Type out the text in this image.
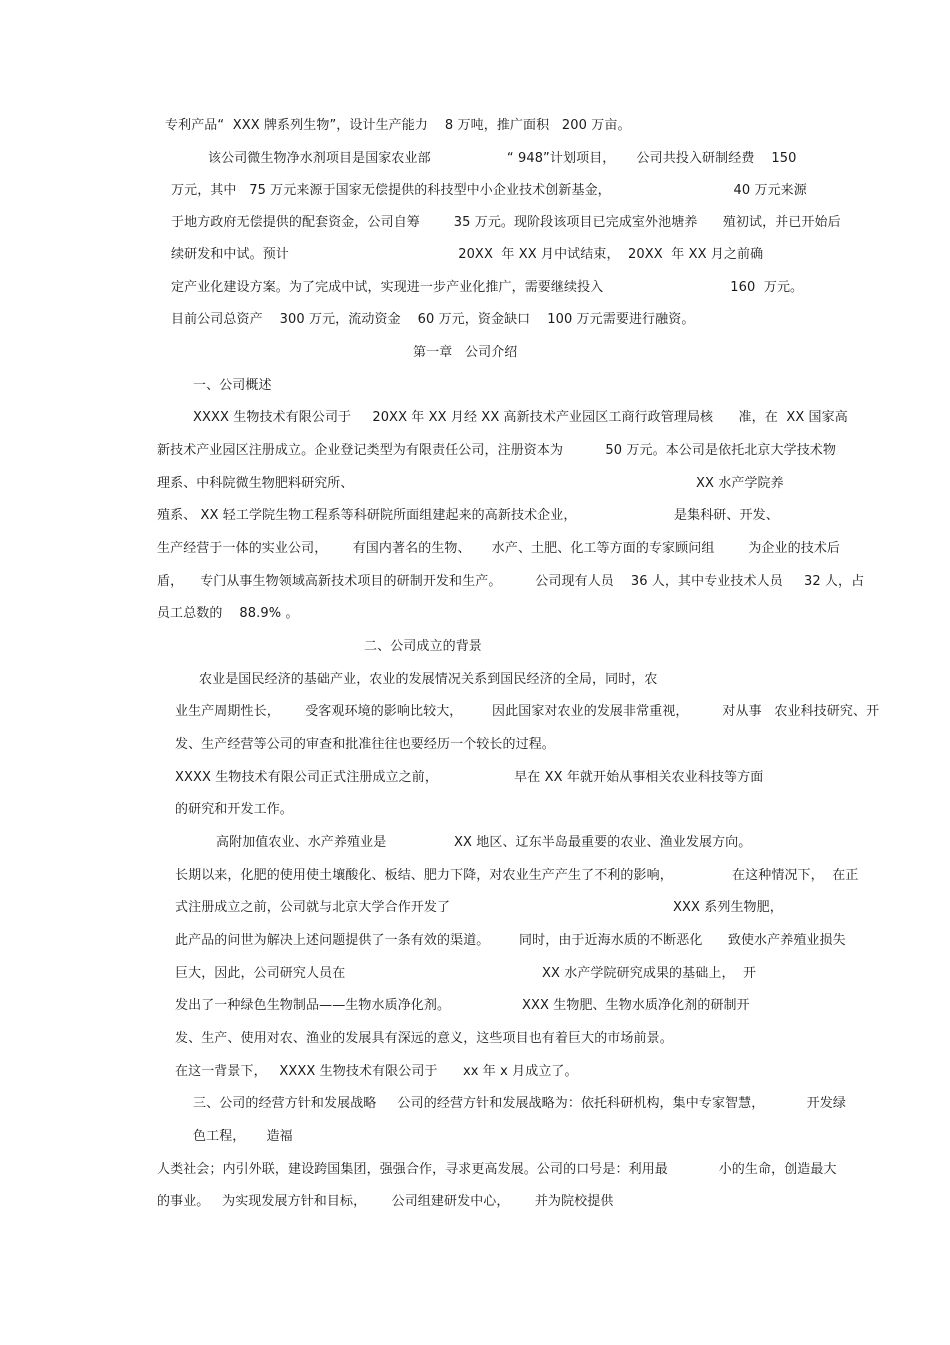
专利产品“  XXX 牌系列生物”，设计生产能力    8 万吨，推广面积   200 万亩。
该公司微生物净水剂项目是国家农业部                  “ 948”计划项目，     公司共投入研制经费    150
万元，其中   75 万元来源于国家无偿提供的科技型中小企业技术创新基金，                             40 万元来源
于地方政府无偿提供的配套资金，公司自筹        35 万元。现阶段该项目已完成室外池塘养      殖初试，并已开始后
续研发和中试。预计                                        20XX  年 XX 月中试结束，  20XX  年 XX 月之前确
定产业化建设方案。为了完成中试，实现进一步产业化推广，需要继续投入                              160  万元。
目前公司总资产    300 万元，流动资金    60 万元，资金缺口    100 万元需要进行融资。
第一章   公司介绍
一、公司概述
XXXX 生物技术有限公司于     20XX 年 XX 月经 XX 高新技术产业园区工商行政管理局核      准，在  XX 国家高
新技术产业园区注册成立。企业登记类型为有限责任公司，注册资本为          50 万元。本公司是依托北京大学技术物
理系、中科院微生物肥料研究所、	XX 水产学院养
殖系、 XX 轻工学院生物工程系等科研院所面组建起来的高新技术企业，	是集科研、开发、
生产经营于一体的实业公司，      有国内著名的生物、     水产、土肥、化工等方面的专家顾问组        为企业的技术后
盾，    专门从事生物领域高新技术项目的研制开发和生产。        公司现有人员    36 人，其中专业技术人员     32 人，占
员工总数的    88.9% 。
二、公司成立的背景
农业是国民经济的基础产业，农业的发展情况关系到国民经济的全局，同时，农
业生产周期性长，      受客观环境的影响比较大，       因此国家对农业的发展非常重视，        对从事   农业科技研究、开
发、生产经营等公司的审查和批准往往也要经历一个较长的过程。
XXXX 生物技术有限公司正式注册成立之前，                  早在 XX 年就开始从事相关农业科技等方面
的研究和开发工作。
高附加值农业、水产养殖业是                XX 地区、辽东半岛最重要的农业、渔业发展方向。
长期以来，化肥的使用使土壤酸化、板结、肥力下降，对农业生产产生了不利的影响，              在这种情况下，  在正
式注册成立之前，公司就与北京大学合作开发了	XXX 系列生物肥，
此产品的问世为解决上述问题提供了一条有效的渠道。       同时，由于近海水质的不断恶化      致使水产养殖业损失
巨大，因此，公司研究人员在	XX 水产学院研究成果的基础上，  开
发出了一种绿色生物制品——生物水质净化剂。	XXX 生物肥、生物水质净化剂的研制开
发、生产、使用对农、渔业的发展具有深远的意义，这些项目也有着巨大的市场前景。
在这一背景下，   XXXX 生物技术有限公司于      xx 年 x 月成立了。
三、公司的经营方针和发展战略     公司的经营方针和发展战略为：依托科研机构，集中专家智慧，          开发绿
色工程，     造福
人类社会；内引外联，建设跨国集团，强强合作，寻求更高发展。公司的口号是：利用最            小的生命，创造最大
的事业。   为实现发展方针和目标，      公司组建研发中心，      并为院校提供
